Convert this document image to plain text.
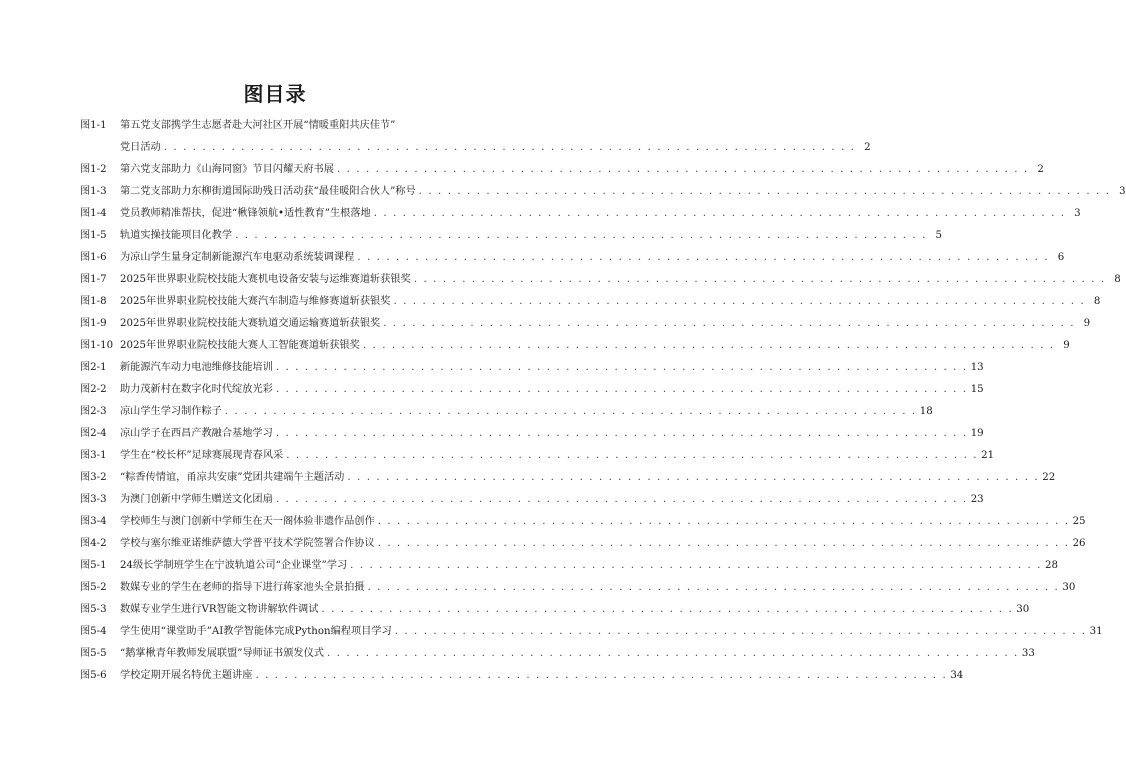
图目录
图1-1	第五党支部携学生志愿者赴大河社区开展“情暖重阳共庆佳节”
党日活动 . . . . . . . . . . . . . . . . . . . . . . . . . . . . . . . . . . . . . . . . . . . . . . . . . . . . . . . . . . . . . . . . . . . . . . . . 2
图1-2	第六党支部助力《山海同窗》节目闪耀天府书展 . . . . . . . . . . . . . . . . . . . . . . . . . . . . . . . . . . . . . . . . . . . . . . . . . . . . . . . . . . . . . . . . . . . . . . . . 2
图1-3	第二党支部助力东柳街道国际助残日活动获“最佳暖阳合伙人”称号 . . . . . . . . . . . . . . . . . . . . . . . . . . . . . . . . . . . . . . . . . . . . . . . . . . . . . . . . . . . . . . . . . . . . . . . . 3
图1-4	党员教师精准帮扶，促进“楸锋领航•适性教育”生根落地 . . . . . . . . . . . . . . . . . . . . . . . . . . . . . . . . . . . . . . . . . . . . . . . . . . . . . . . . . . . . . . . . . . . . . . . . 3
图1-5	轨道实操技能项目化教学 . . . . . . . . . . . . . . . . . . . . . . . . . . . . . . . . . . . . . . . . . . . . . . . . . . . . . . . . . . . . . . . . . . . . . . . . 5
图1-6	为凉山学生量身定制新能源汽车电驱动系统装调课程 . . . . . . . . . . . . . . . . . . . . . . . . . . . . . . . . . . . . . . . . . . . . . . . . . . . . . . . . . . . . . . . . . . . . . . . . 6
图1-7	2025年世界职业院校技能大赛机电设备安装与运维赛道斩获银奖 . . . . . . . . . . . . . . . . . . . . . . . . . . . . . . . . . . . . . . . . . . . . . . . . . . . . . . . . . . . . . . . . . . . . . . . . 8
图1-8	2025年世界职业院校技能大赛汽车制造与维修赛道斩获银奖 . . . . . . . . . . . . . . . . . . . . . . . . . . . . . . . . . . . . . . . . . . . . . . . . . . . . . . . . . . . . . . . . . . . . . . . . 8
图1-9	2025年世界职业院校技能大赛轨道交通运输赛道斩获银奖 . . . . . . . . . . . . . . . . . . . . . . . . . . . . . . . . . . . . . . . . . . . . . . . . . . . . . . . . . . . . . . . . . . . . . . . . 9
图1-10 2025年世界职业院校技能大赛人工智能赛道斩获银奖 . . . . . . . . . . . . . . . . . . . . . . . . . . . . . . . . . . . . . . . . . . . . . . . . . . . . . . . . . . . . . . . . . . . . . . . . 9
图2-1	新能源汽车动力电池维修技能培训 . . . . . . . . . . . . . . . . . . . . . . . . . . . . . . . . . . . . . . . . . . . . . . . . . . . . . . . . . . . . . . . . . . . . . . . . 13
图2-2	助力茂新村在数字化时代绽放光彩 . . . . . . . . . . . . . . . . . . . . . . . . . . . . . . . . . . . . . . . . . . . . . . . . . . . . . . . . . . . . . . . . . . . . . . . . 15
图2-3	凉山学生学习制作粽子 . . . . . . . . . . . . . . . . . . . . . . . . . . . . . . . . . . . . . . . . . . . . . . . . . . . . . . . . . . . . . . . . . . . . . . . . 18
图2-4	凉山学子在西昌产教融合基地学习 . . . . . . . . . . . . . . . . . . . . . . . . . . . . . . . . . . . . . . . . . . . . . . . . . . . . . . . . . . . . . . . . . . . . . . . . 19
图3-1	学生在“校长杯”足球赛展现青春风采 . . . . . . . . . . . . . . . . . . . . . . . . . . . . . . . . . . . . . . . . . . . . . . . . . . . . . . . . . . . . . . . . . . . . . . . . 21
图3-2	“粽香传情谊，甬凉共安康”党团共建端午主题活动 . . . . . . . . . . . . . . . . . . . . . . . . . . . . . . . . . . . . . . . . . . . . . . . . . . . . . . . . . . . . . . . . . . . . . . . . 22
图3-3	为澳门创新中学师生赠送文化团扇 . . . . . . . . . . . . . . . . . . . . . . . . . . . . . . . . . . . . . . . . . . . . . . . . . . . . . . . . . . . . . . . . . . . . . . . . 23
图3-4	学校师生与澳门创新中学师生在天一阁体验非遗作品创作 . . . . . . . . . . . . . . . . . . . . . . . . . . . . . . . . . . . . . . . . . . . . . . . . . . . . . . . . . . . . . . . . . . . . . . . . 25
图4-2	学校与塞尔维亚诺维萨德大学普平技术学院签署合作协议 . . . . . . . . . . . . . . . . . . . . . . . . . . . . . . . . . . . . . . . . . . . . . . . . . . . . . . . . . . . . . . . . . . . . . . . . 26
图5-1	24级长学制班学生在宁波轨道公司“企业课堂”学习 . . . . . . . . . . . . . . . . . . . . . . . . . . . . . . . . . . . . . . . . . . . . . . . . . . . . . . . . . . . . . . . . . . . . . . . . 28
图5-2	数媒专业的学生在老师的指导下进行蒋家池头全景拍摄 . . . . . . . . . . . . . . . . . . . . . . . . . . . . . . . . . . . . . . . . . . . . . . . . . . . . . . . . . . . . . . . . . . . . . . . . 30
图5-3	数媒专业学生进行VR智能文物讲解软件调试 . . . . . . . . . . . . . . . . . . . . . . . . . . . . . . . . . . . . . . . . . . . . . . . . . . . . . . . . . . . . . . . . . . . . . . . . 30
图5-4	学生使用“课堂助手”AI教学智能体完成Python编程项目学习 . . . . . . . . . . . . . . . . . . . . . . . . . . . . . . . . . . . . . . . . . . . . . . . . . . . . . . . . . . . . . . . . . . . . . . . . 31
图5-5	“鹅掌楸青年教师发展联盟”导师证书颁发仪式 . . . . . . . . . . . . . . . . . . . . . . . . . . . . . . . . . . . . . . . . . . . . . . . . . . . . . . . . . . . . . . . . . . . . . . . . 33
图5-6	学校定期开展名特优主题讲座 . . . . . . . . . . . . . . . . . . . . . . . . . . . . . . . . . . . . . . . . . . . . . . . . . . . . . . . . . . . . . . . . . . . . . . . . 34
